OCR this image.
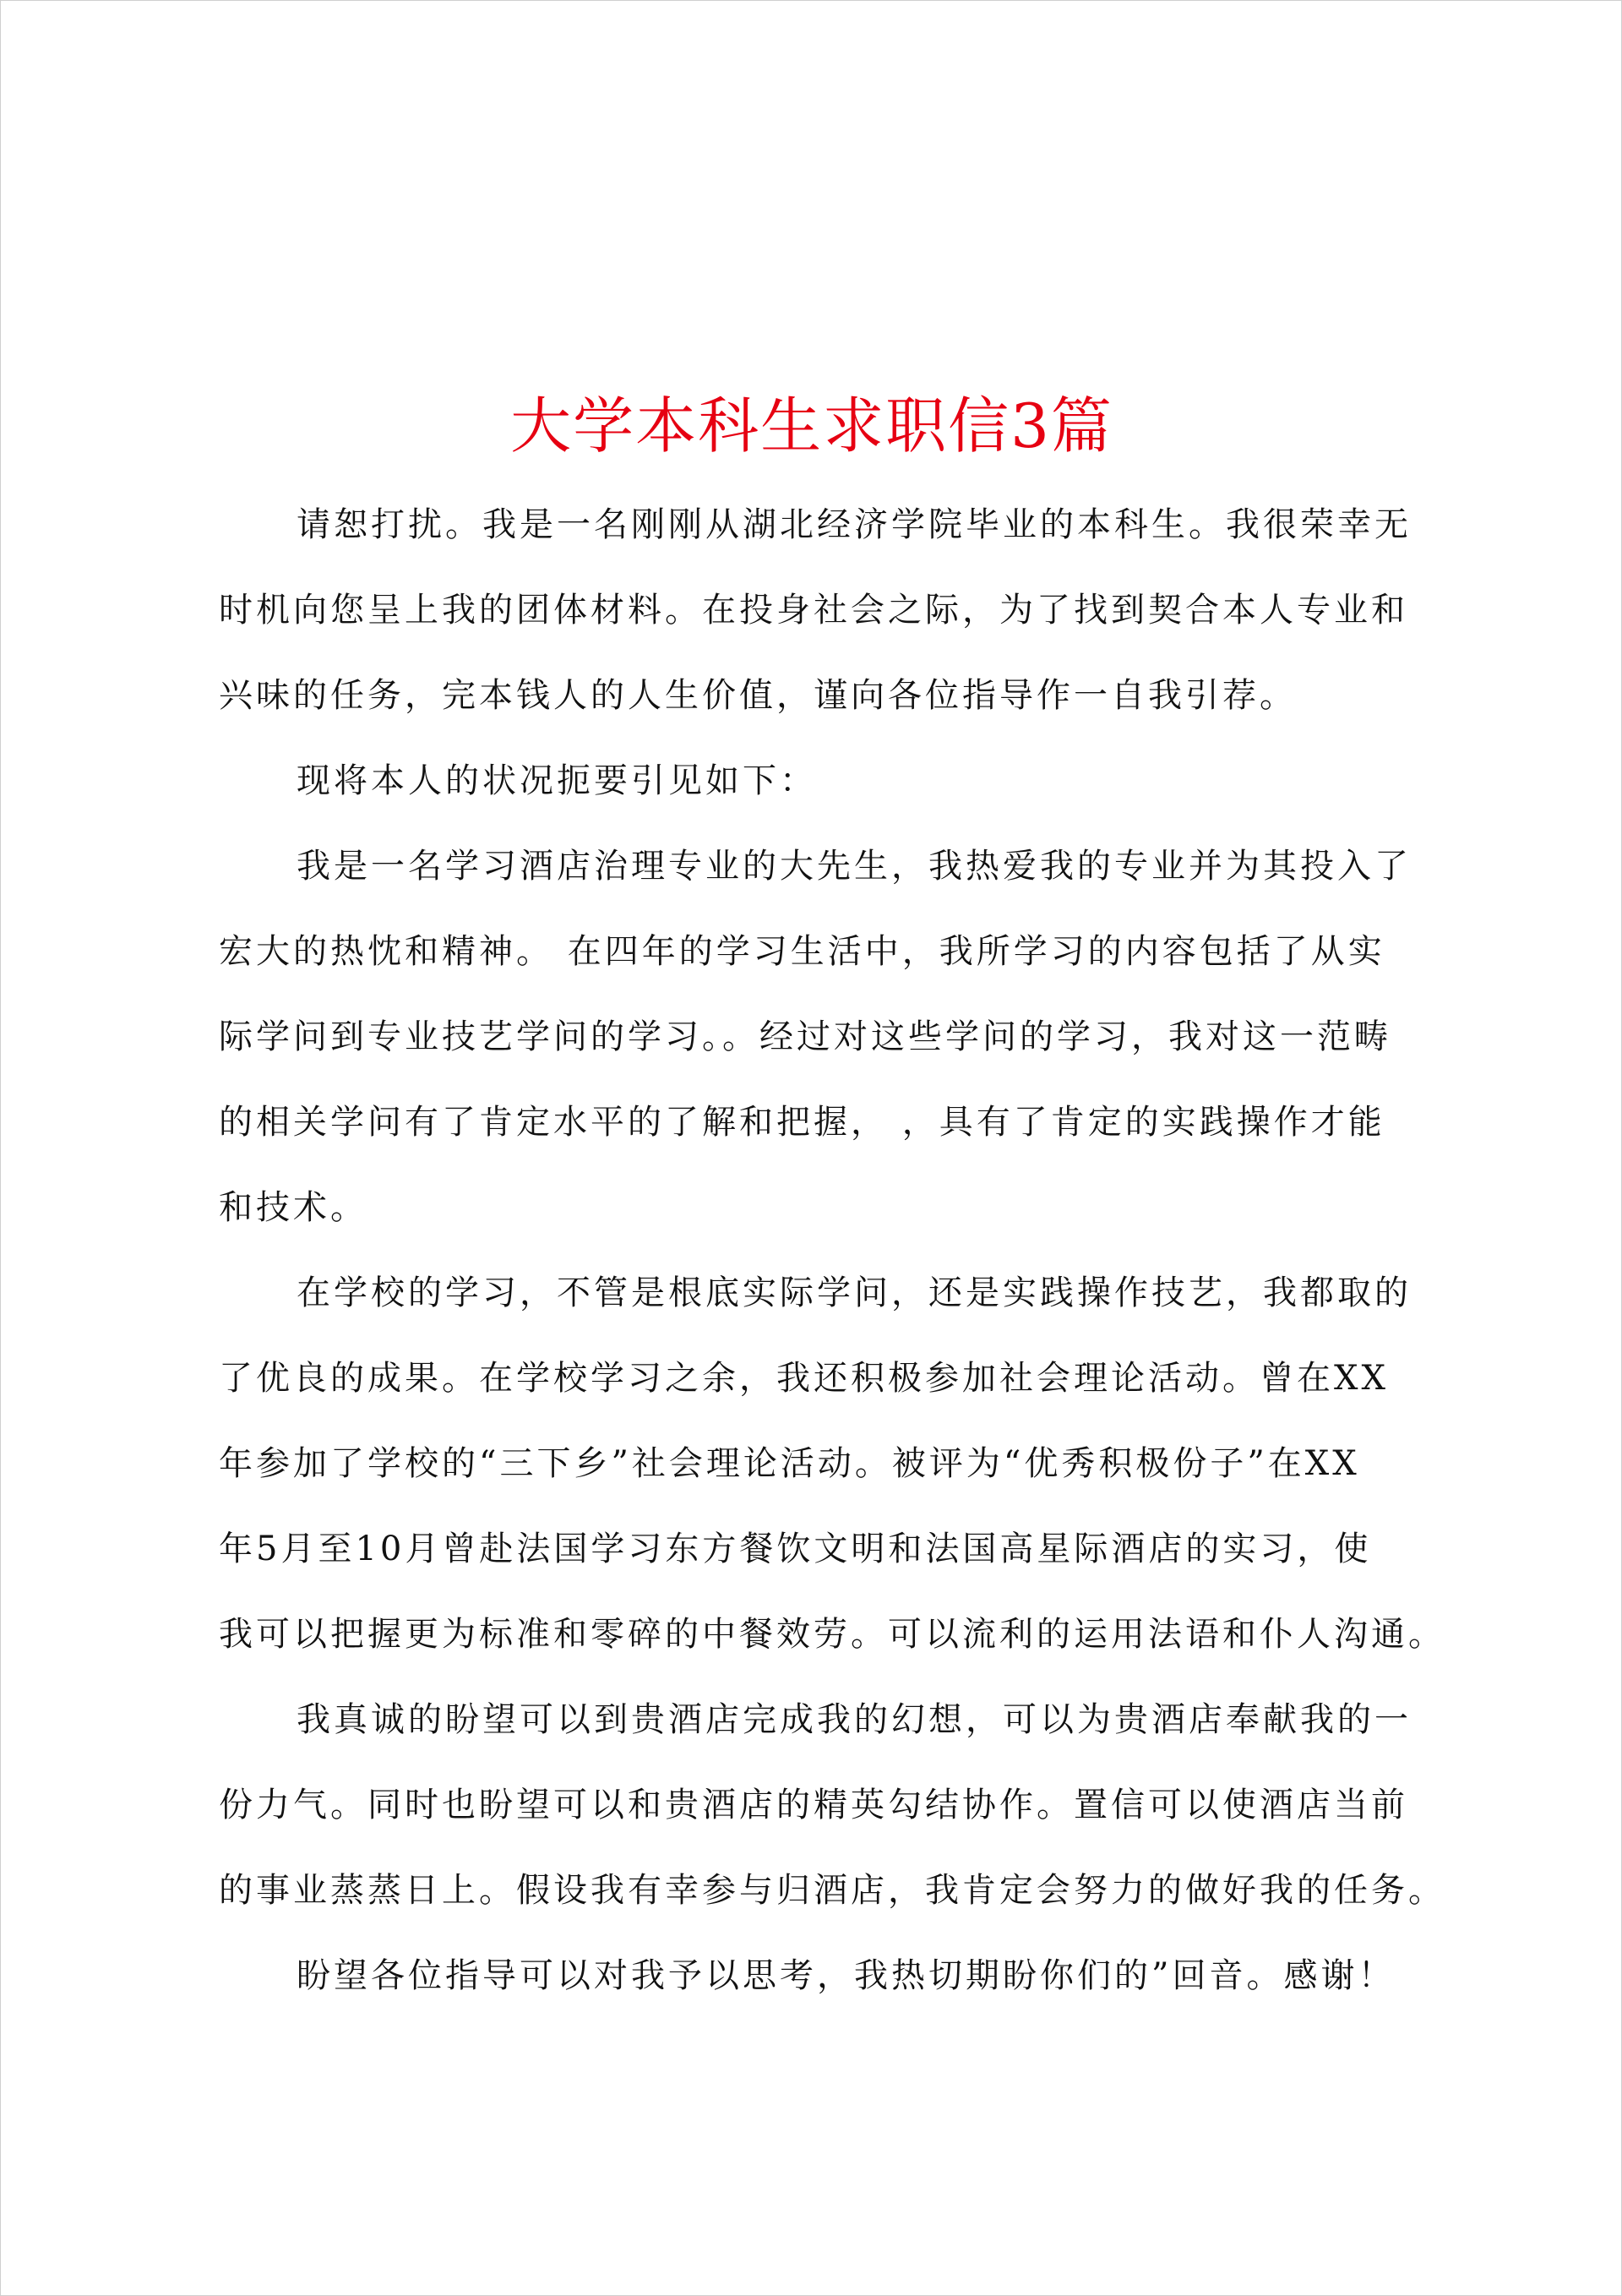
大学本科生求职信3篇
请恕打扰。我是一名刚刚从湖北经济学院毕业的本科生。我很荣幸无
时机向您呈上我的团体材料。在投身社会之际，为了找到契合本人专业和
兴味的任务，完本钱人的人生价值，谨向各位指导作一自我引荐。
现将本人的状况扼要引见如下：
我是一名学习酒店治理专业的大先生，我热爱我的专业并为其投入了
宏大的热忱和精神。 在四年的学习生活中，我所学习的内容包括了从实
际学问到专业技艺学问的学习。。经过对这些学问的学习，我对这一范畴
的相关学问有了肯定水平的了解和把握， ，具有了肯定的实践操作才能
和技术。
在学校的学习，不管是根底实际学问，还是实践操作技艺，我都取的
了优良的成果。在学校学习之余，我还积极参加社会理论活动。曾在XX
年参加了学校的“三下乡”社会理论活动。被评为“优秀积极份子”在XX
年5月至10月曾赴法国学习东方餐饮文明和法国高星际酒店的实习，使
我可以把握更为标准和零碎的中餐效劳。可以流利的运用法语和仆人沟通。
我真诚的盼望可以到贵酒店完成我的幻想，可以为贵酒店奉献我的一
份力气。同时也盼望可以和贵酒店的精英勾结协作。置信可以使酒店当前
的事业蒸蒸日上。假设我有幸参与归酒店，我肯定会努力的做好我的任务。
盼望各位指导可以对我予以思考，我热切期盼你们的”回音。感谢！
